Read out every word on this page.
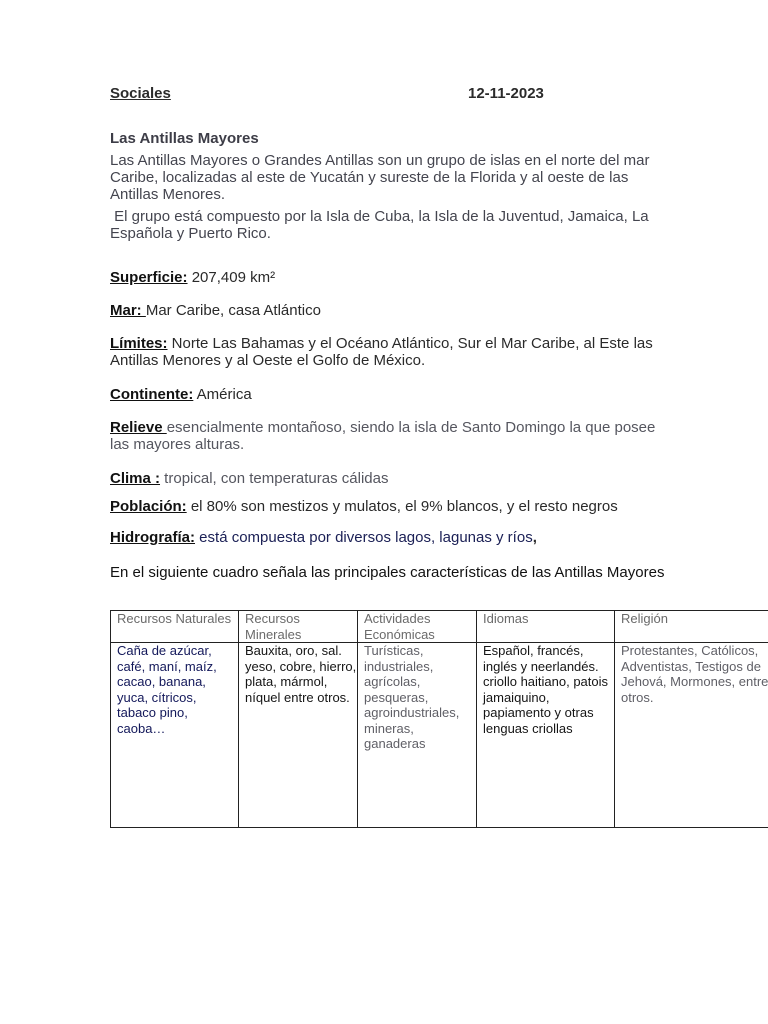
Sociales	12-11-2023
Las Antillas Mayores
Las Antillas Mayores o Grandes Antillas son un grupo de islas en el norte del mar Caribe, localizadas al este de Yucatán y sureste de la Florida y al oeste de las Antillas Menores.
El grupo está compuesto por la Isla de Cuba, la Isla de la Juventud, Jamaica, La Española y Puerto Rico.
Superficie: 207,409 km²
Mar: Mar Caribe, casa Atlántico
Límites: Norte Las Bahamas y el Océano Atlántico, Sur el Mar Caribe, al Este las Antillas Menores y al Oeste el Golfo de México.
Continente: América
Relieve esencialmente montañoso, siendo la isla de Santo Domingo la que posee las mayores alturas.
Clima : tropical, con temperaturas cálidas
Población: el 80% son mestizos y mulatos, el 9% blancos, y el resto negros
Hidrografía: está compuesta por diversos lagos, lagunas y ríos,
En el siguiente cuadro señala las principales características de las Antillas Mayores
Recursos Naturales	Recursos Minerales	Actividades Económicas	Idiomas	Religión
Caña de azúcar, café, maní, maíz, cacao, banana, yuca, cítricos, tabaco pino, caoba…	Bauxita, oro, sal. yeso, cobre, hierro, plata, mármol, níquel entre otros.	Turísticas, industriales, agrícolas, pesqueras, agroindustriales, mineras, ganaderas	Español, francés, inglés y neerlandés. criollo haitiano, patois jamaiquino, papiamento y otras lenguas criollas	Protestantes, Católicos, Adventistas, Testigos de Jehová, Mormones, entre otros.
